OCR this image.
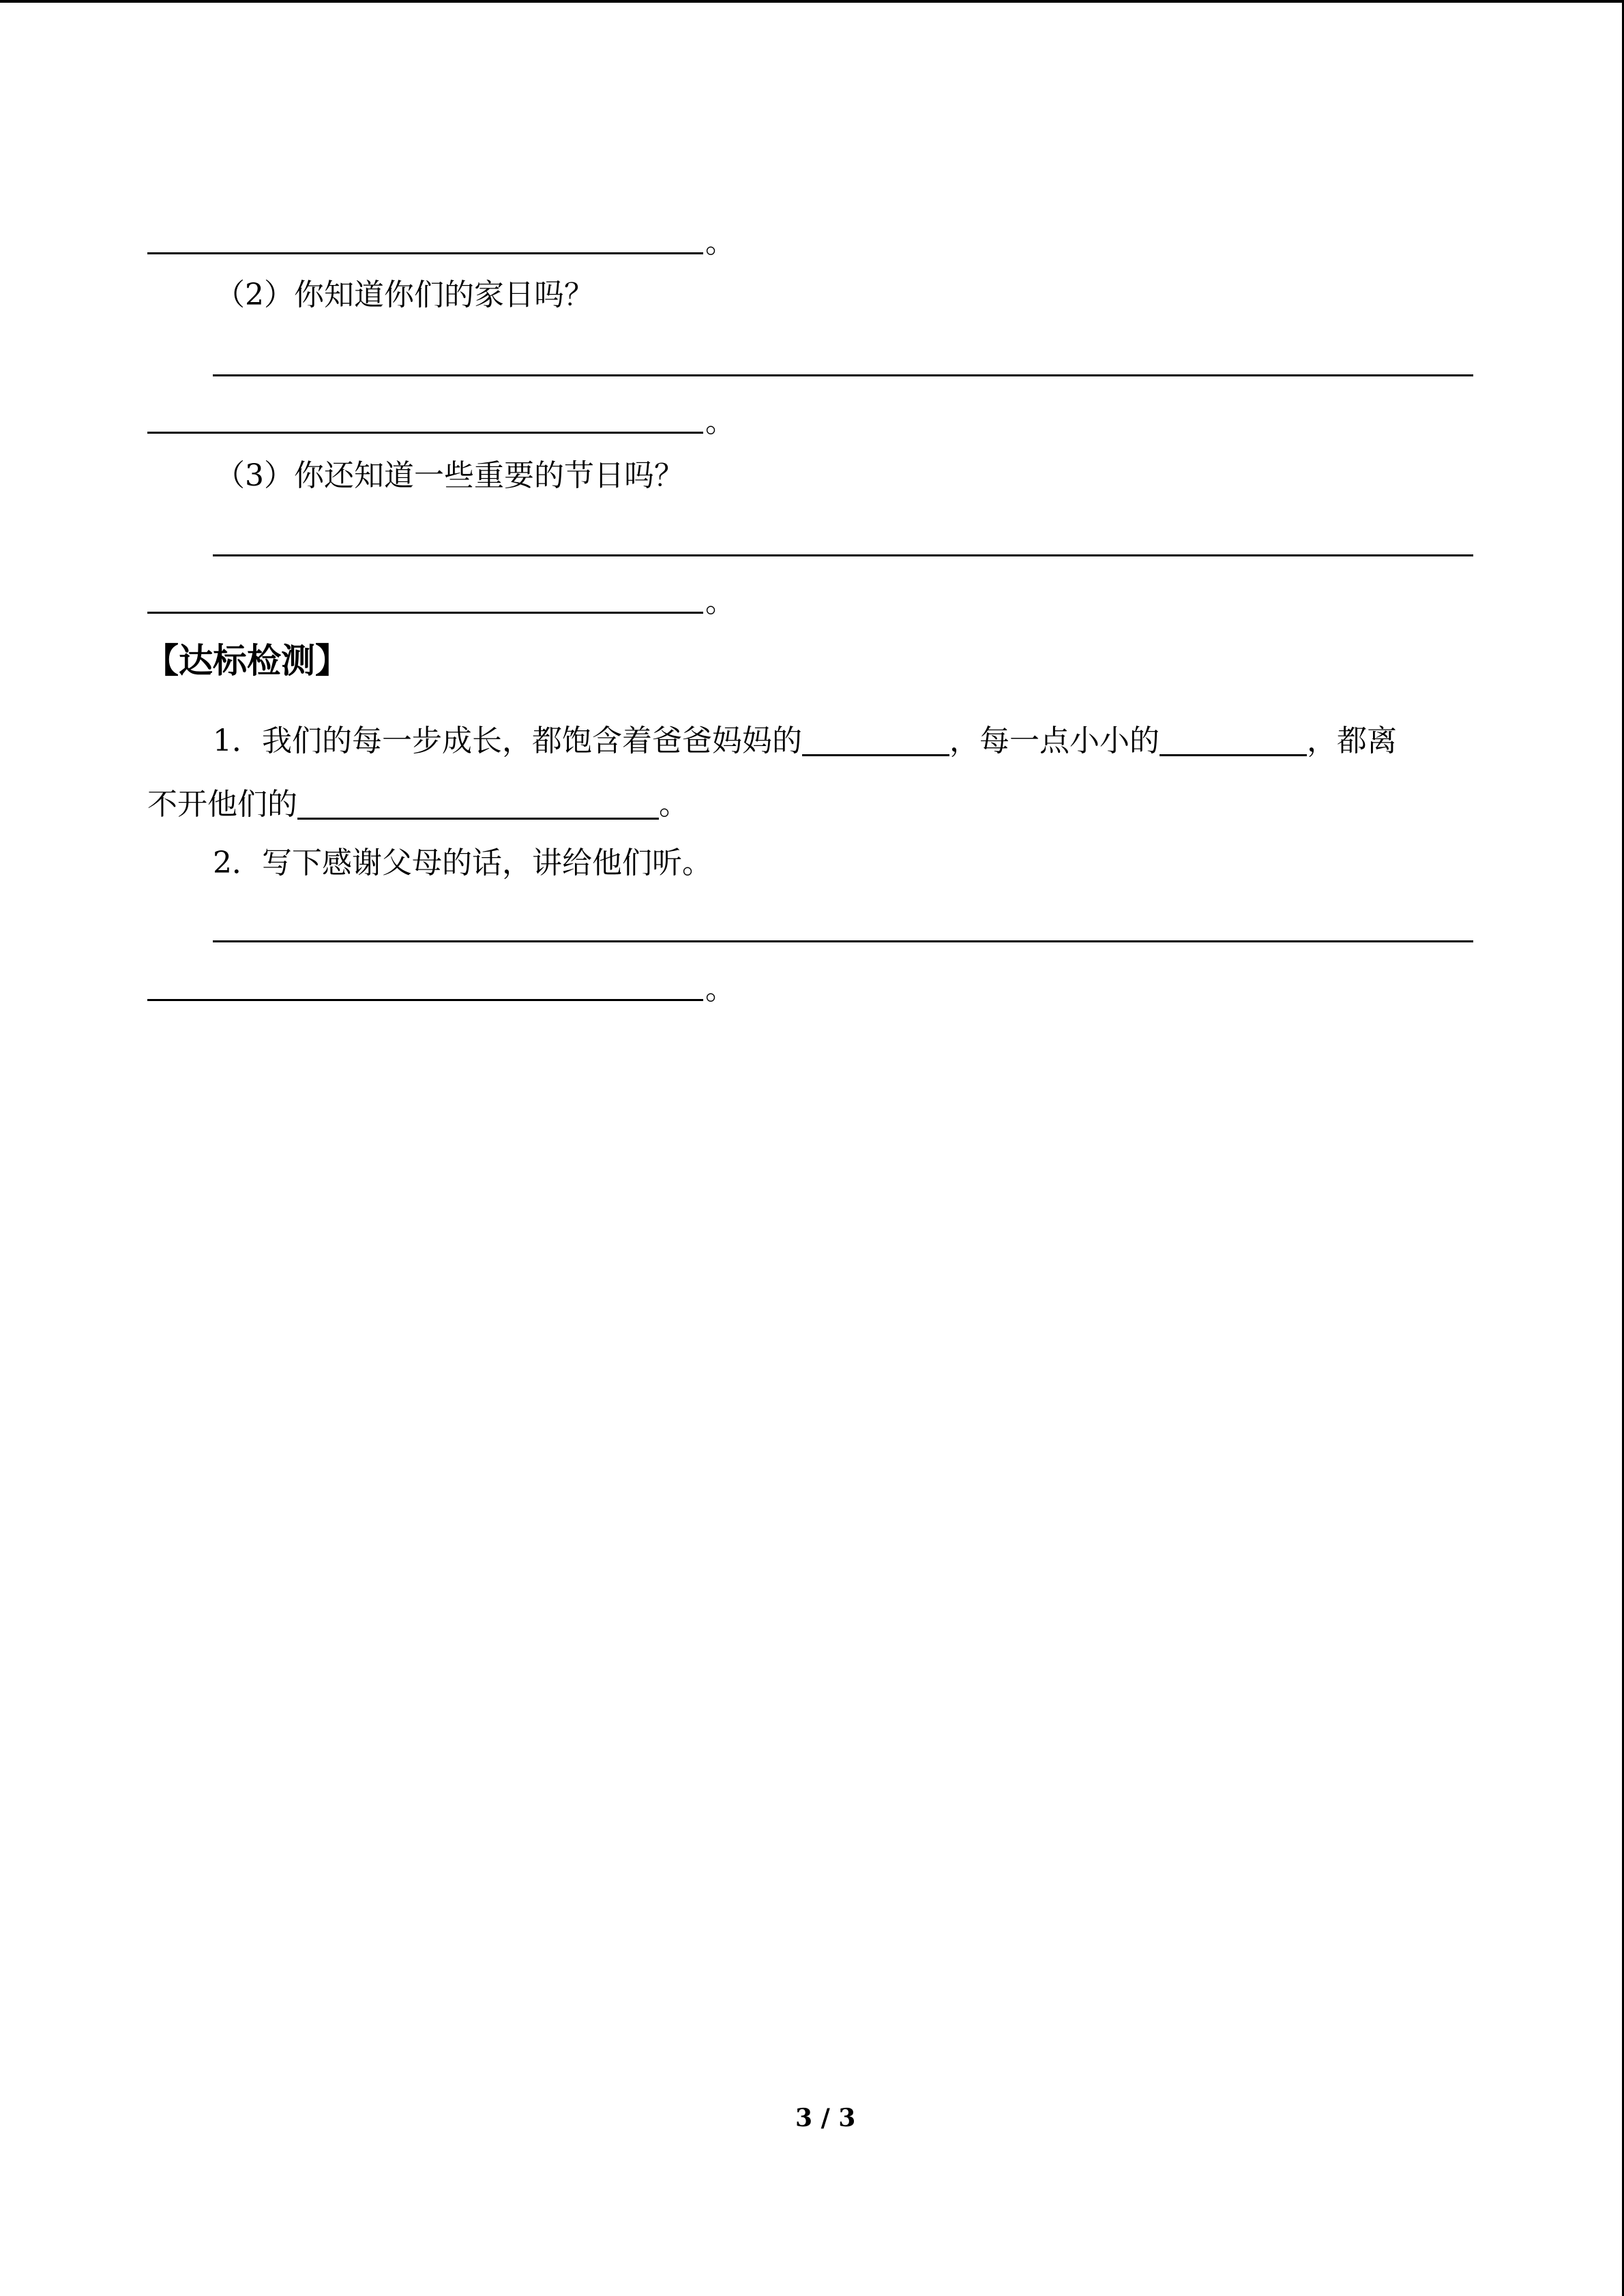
。
（2）你知道你们的家日吗？
。
（3）你还知道一些重要的节日吗？
。
【达标检测】
1．我们的每一步成长，都饱含着爸爸妈妈的	，每一点小小的	，都离
不开他们的	。
2．写下感谢父母的话，讲给他们听。
。
3 / 3
